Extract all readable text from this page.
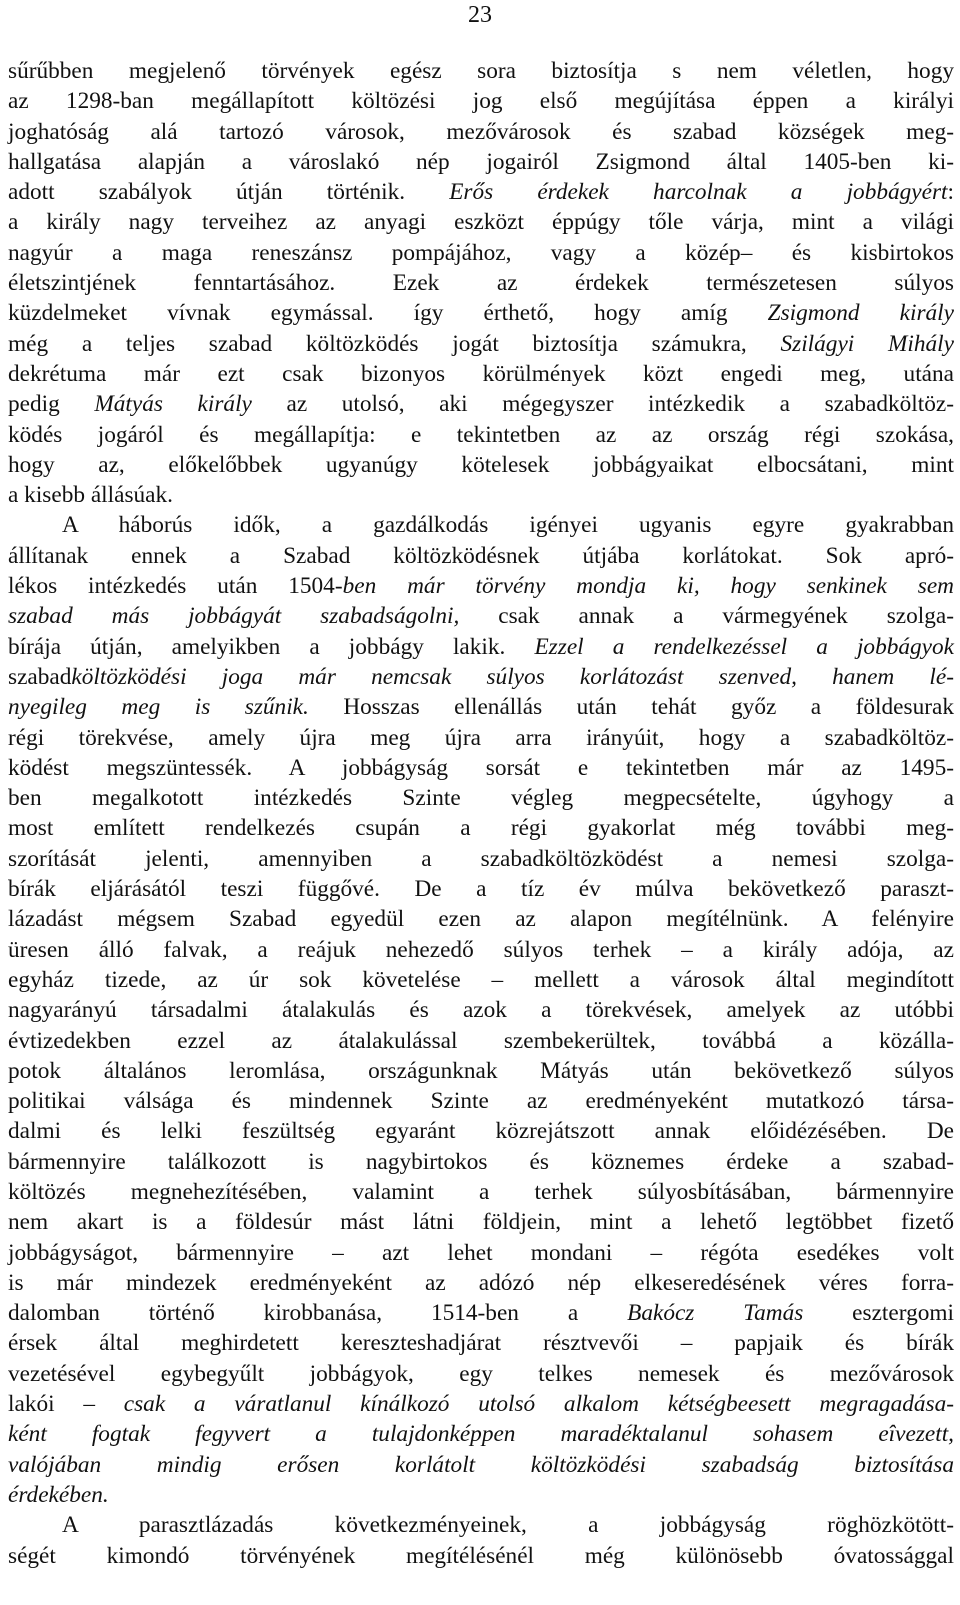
23
sűrűbben megjelenő törvények egész sora biztosítja s nem véletlen, hogy
az 1298-ban megállapított költözési jog első megújítása éppen a királyi
joghatóság alá tartozó városok, mezővárosok és szabad községek meg-
hallgatása alapján a városlakó nép jogairól Zsigmond által 1405-ben ki-
adott szabályok útján történik. Erős érdekek harcolnak a jobbágyért:
a király nagy terveihez az anyagi eszközt éppúgy tőle várja, mint a világi
nagyúr a maga reneszánsz pompájához, vagy a közép– és kisbirtokos
életszintjének fenntartásához. Ezek az érdekek természetesen súlyos
küzdelmeket vívnak egymással. így érthető, hogy amíg Zsigmond király
még a teljes szabad költözködés jogát biztosítja számukra, Szilágyi Mihály
dekrétuma már ezt csak bizonyos körülmények közt engedi meg, utána
pedig Mátyás király az utolsó, aki mégegyszer intézkedik a szabadköltöz-
ködés jogáról és megállapítja: e tekintetben az az ország régi szokása,
hogy az, előkelőbbek ugyanúgy kötelesek jobbágyaikat elbocsátani, mint
a kisebb állásúak.
A háborús idők, a gazdálkodás igényei ugyanis egyre gyakrabban
állítanak ennek a Szabad költözködésnek útjába korlátokat. Sok apró-
lékos intézkedés után 1504-ben már törvény mondja ki, hogy senkinek sem
szabad más jobbágyát szabadságolni, csak annak a vármegyének szolga-
bírája útján, amelyikben a jobbágy lakik. Ezzel a rendelkezéssel a jobbágyok
szabadköltözködési joga már nemcsak súlyos korlátozást szenved, hanem lé-
nyegileg meg is szűnik. Hosszas ellenállás után tehát győz a földesurak
régi törekvése, amely újra meg újra arra irányúit, hogy a szabadköltöz-
ködést megszüntessék. A jobbágyság sorsát e tekintetben már az 1495-
ben megalkotott intézkedés Szinte végleg megpecsételte, úgyhogy a
most említett rendelkezés csupán a régi gyakorlat még további meg-
szorítását jelenti, amennyiben a szabadköltözködést a nemesi szolga-
bírák eljárásától teszi függővé. De a tíz év múlva bekövetkező paraszt-
lázadást mégsem Szabad egyedül ezen az alapon megítélnünk. A felényire
üresen álló falvak, a reájuk nehezedő súlyos terhek – a király adója, az
egyház tizede, az úr sok követelése – mellett a városok által megindított
nagyarányú társadalmi átalakulás és azok a törekvések, amelyek az utóbbi
évtizedekben ezzel az átalakulással szembekerültek, továbbá a közálla-
potok általános leromlása, országunknak Mátyás után bekövetkező súlyos
politikai válsága és mindennek Szinte az eredményeként mutatkozó társa-
dalmi és lelki feszültség egyaránt közrejátszott annak előidézésében. De
bármennyire találkozott is nagybirtokos és köznemes érdeke a szabad-
költözés megnehezítésében, valamint a terhek súlyosbításában, bármennyire
nem akart is a földesúr mást látni földjein, mint a lehető legtöbbet fizető
jobbágyságot, bármennyire – azt lehet mondani – régóta esedékes volt
is már mindezek eredményeként az adózó nép elkeseredésének véres forra-
dalomban történő kirobbanása, 1514-ben a Bakócz Tamás esztergomi
érsek által meghirdetett kereszteshadjárat résztvevői – papjaik és bírák
vezetésével egybegyűlt jobbágyok, egy telkes nemesek és mezővárosok
lakói – csak a váratlanul kínálkozó utolsó alkalom kétségbeesett megragadása-
ként fogtak fegyvert a tulajdonképpen maradéktalanul sohasem eîvezett,
valójában mindig erősen korlátolt költözködési szabadság biztosítása
érdekében.
A parasztlázadás következményeinek, a jobbágyság röghözkötött-
ségét kimondó törvényének megítélésénél még különösebb óvatossággal
